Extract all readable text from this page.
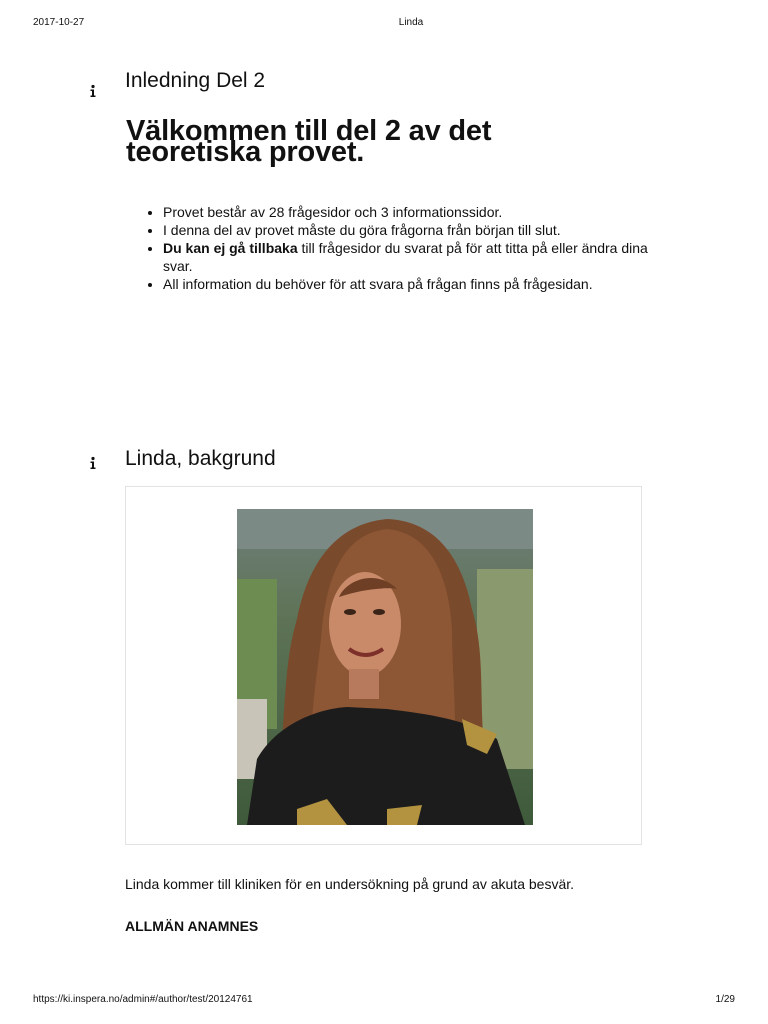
2017-10-27	Linda
Inledning Del 2
Välkommen till del 2 av det teoretiska provet.
• Provet består av 28 frågesidor och 3 informationssidor.
• I denna del av provet måste du göra frågorna från början till slut.
• Du kan ej gå tillbaka till frågesidor du svarat på för att titta på eller ändra dina svar.
• All information du behöver för att svara på frågan finns på frågesidan.
Linda, bakgrund

Linda kommer till kliniken för en undersökning på grund av akuta besvär.

ALLMÄN ANAMNES

https://ki.inspera.no/admin#/author/test/20124761	1/29
